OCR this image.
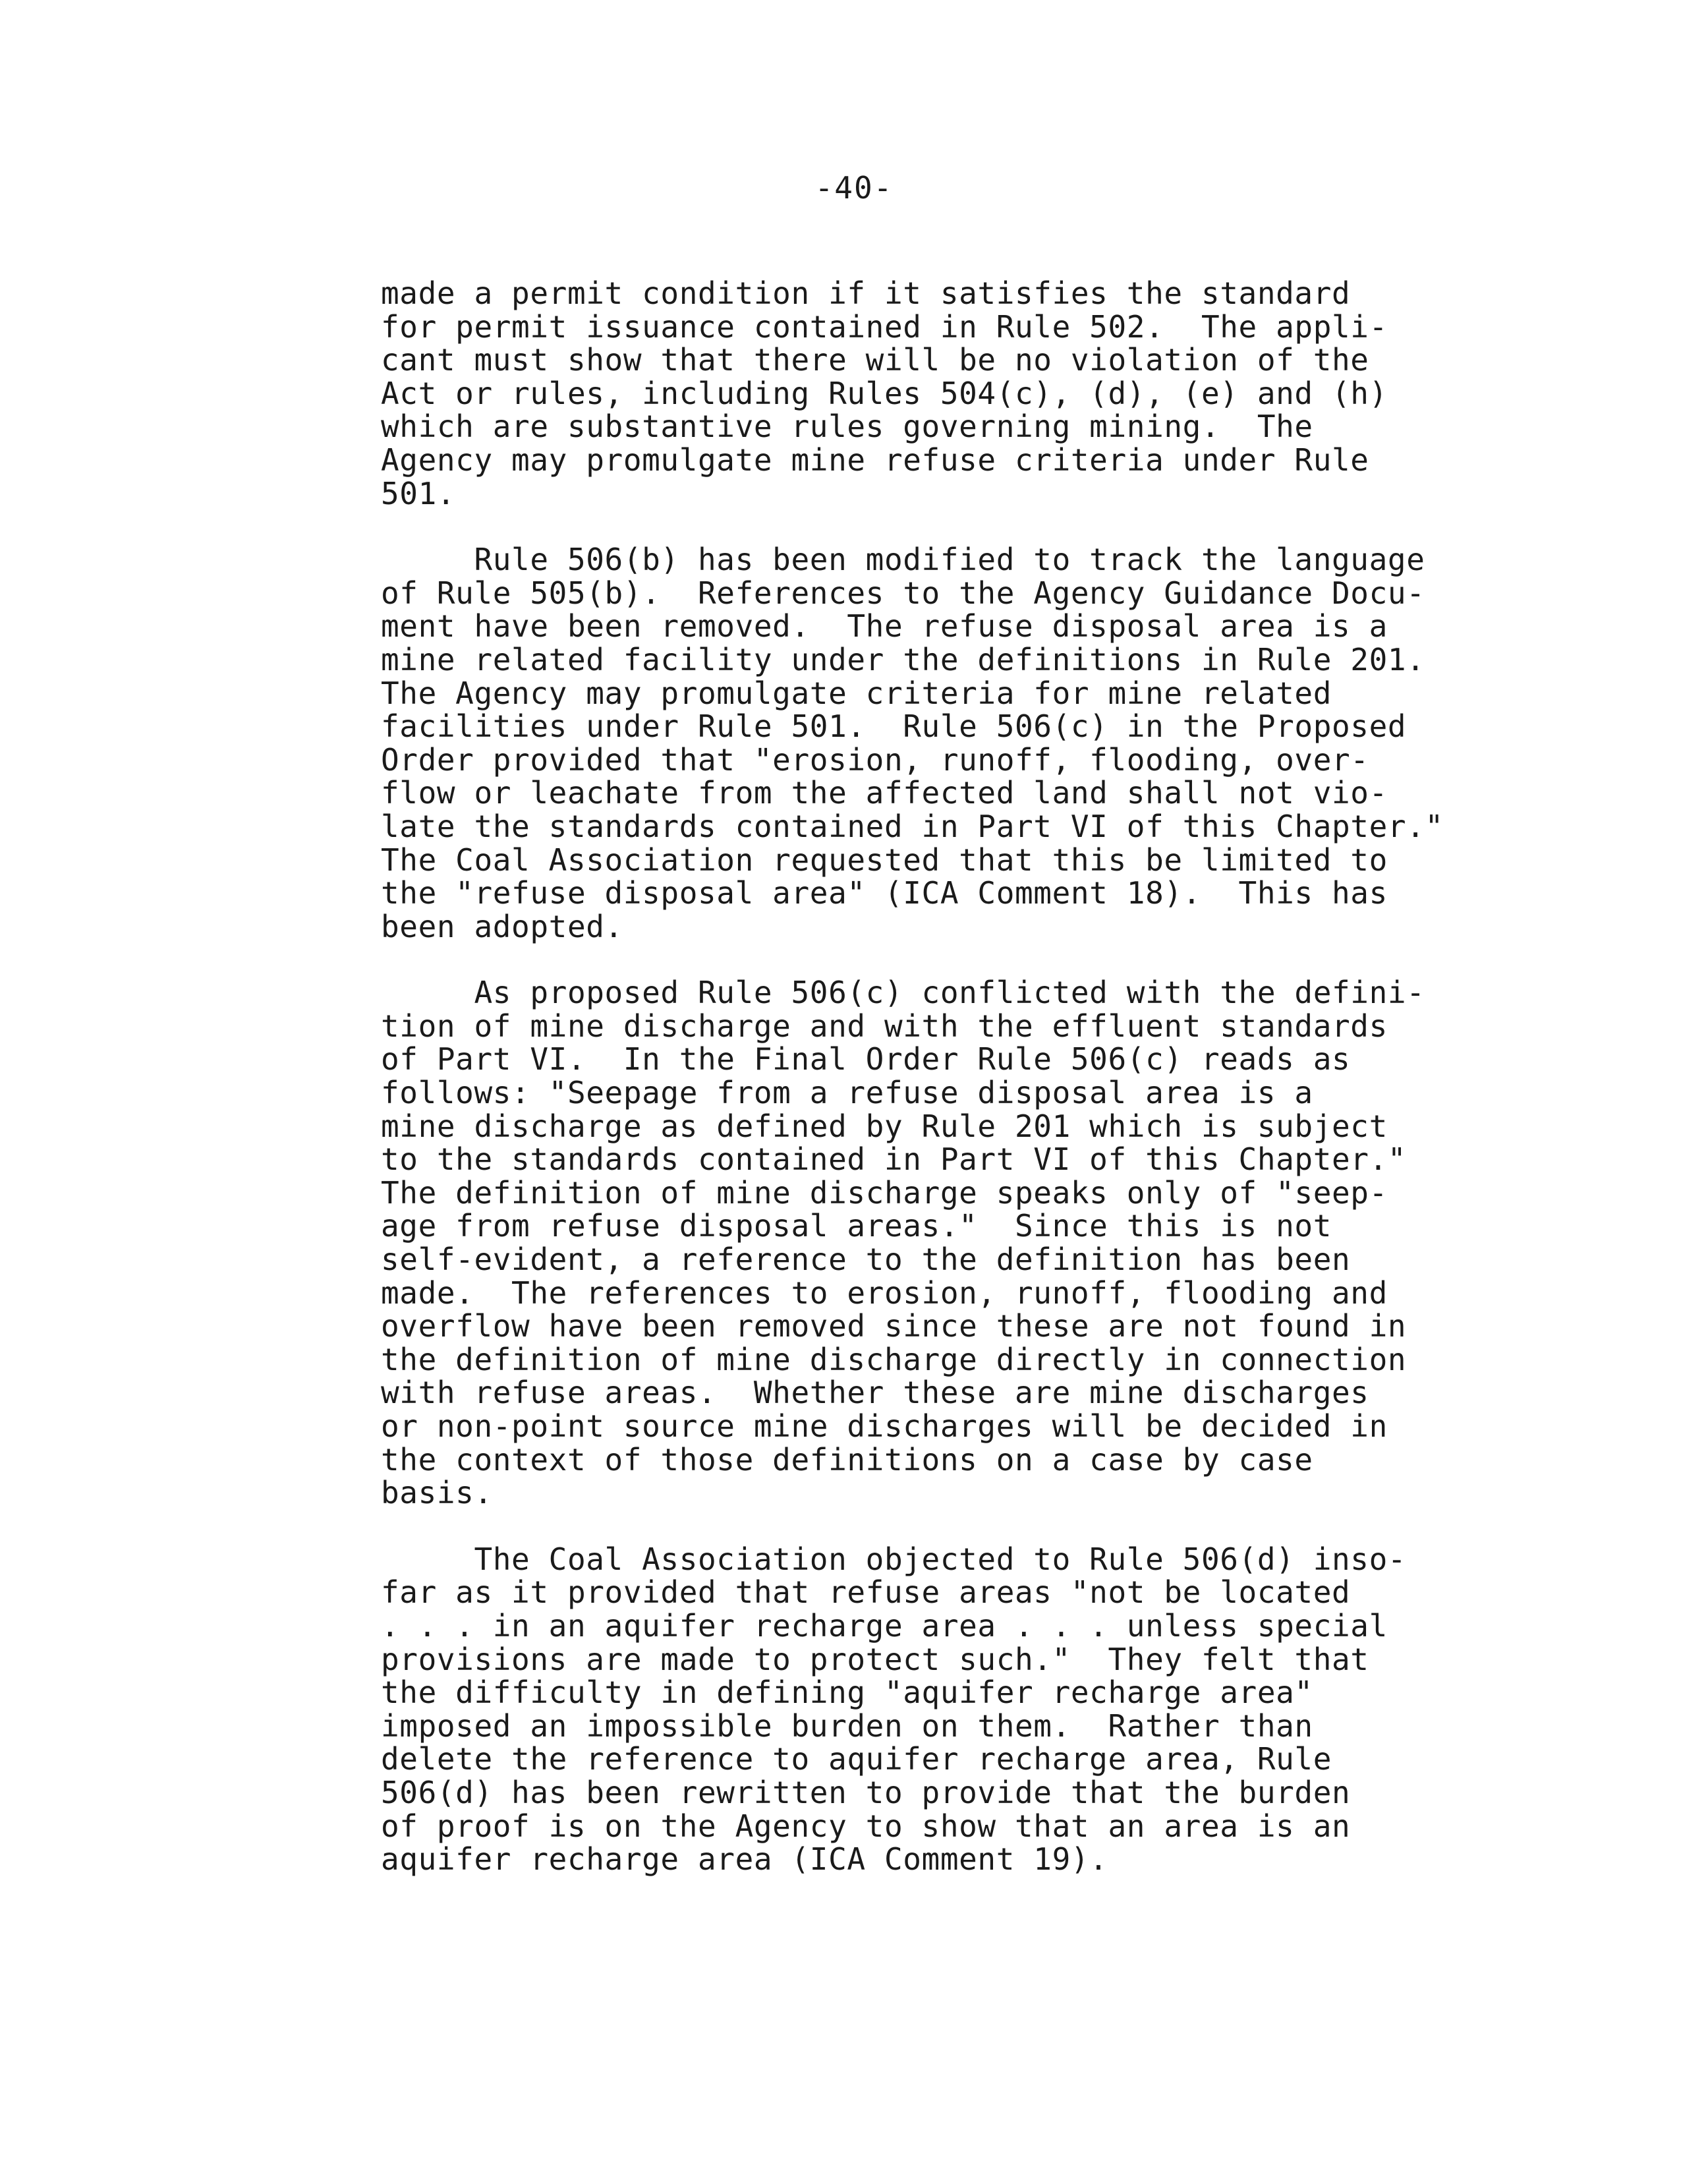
-40-
made a permit condition if it satisfies the standard
for permit issuance contained in Rule 502.  The appli-
cant must show that there will be no violation of the
Act or rules, including Rules 504(c), (d), (e) and (h)
which are substantive rules governing mining.  The
Agency may promulgate mine refuse criteria under Rule
501.
Rule 506(b) has been modified to track the language
of Rule 505(b).  References to the Agency Guidance Docu-
ment have been removed.  The refuse disposal area is a
mine related facility under the definitions in Rule 201.
The Agency may promulgate criteria for mine related
facilities under Rule 501.  Rule 506(c) in the Proposed
Order provided that "erosion, runoff, flooding, over-
flow or leachate from the affected land shall not vio-
late the standards contained in Part VI of this Chapter."
The Coal Association requested that this be limited to
the "refuse disposal area" (ICA Comment 18).  This has
been adopted.
As proposed Rule 506(c) conflicted with the defini-
tion of mine discharge and with the effluent standards
of Part VI.  In the Final Order Rule 506(c) reads as
follows: "Seepage from a refuse disposal area is a
mine discharge as defined by Rule 201 which is subject
to the standards contained in Part VI of this Chapter."
The definition of mine discharge speaks only of "seep-
age from refuse disposal areas."  Since this is not
self-evident, a reference to the definition has been
made.  The references to erosion, runoff, flooding and
overflow have been removed since these are not found in
the definition of mine discharge directly in connection
with refuse areas.  Whether these are mine discharges
or non-point source mine discharges will be decided in
the context of those definitions on a case by case
basis.
The Coal Association objected to Rule 506(d) inso-
far as it provided that refuse areas "not be located
. . . in an aquifer recharge area . . . unless special
provisions are made to protect such."  They felt that
the difficulty in defining "aquifer recharge area"
imposed an impossible burden on them.  Rather than
delete the reference to aquifer recharge area, Rule
506(d) has been rewritten to provide that the burden
of proof is on the Agency to show that an area is an
aquifer recharge area (ICA Comment 19).
